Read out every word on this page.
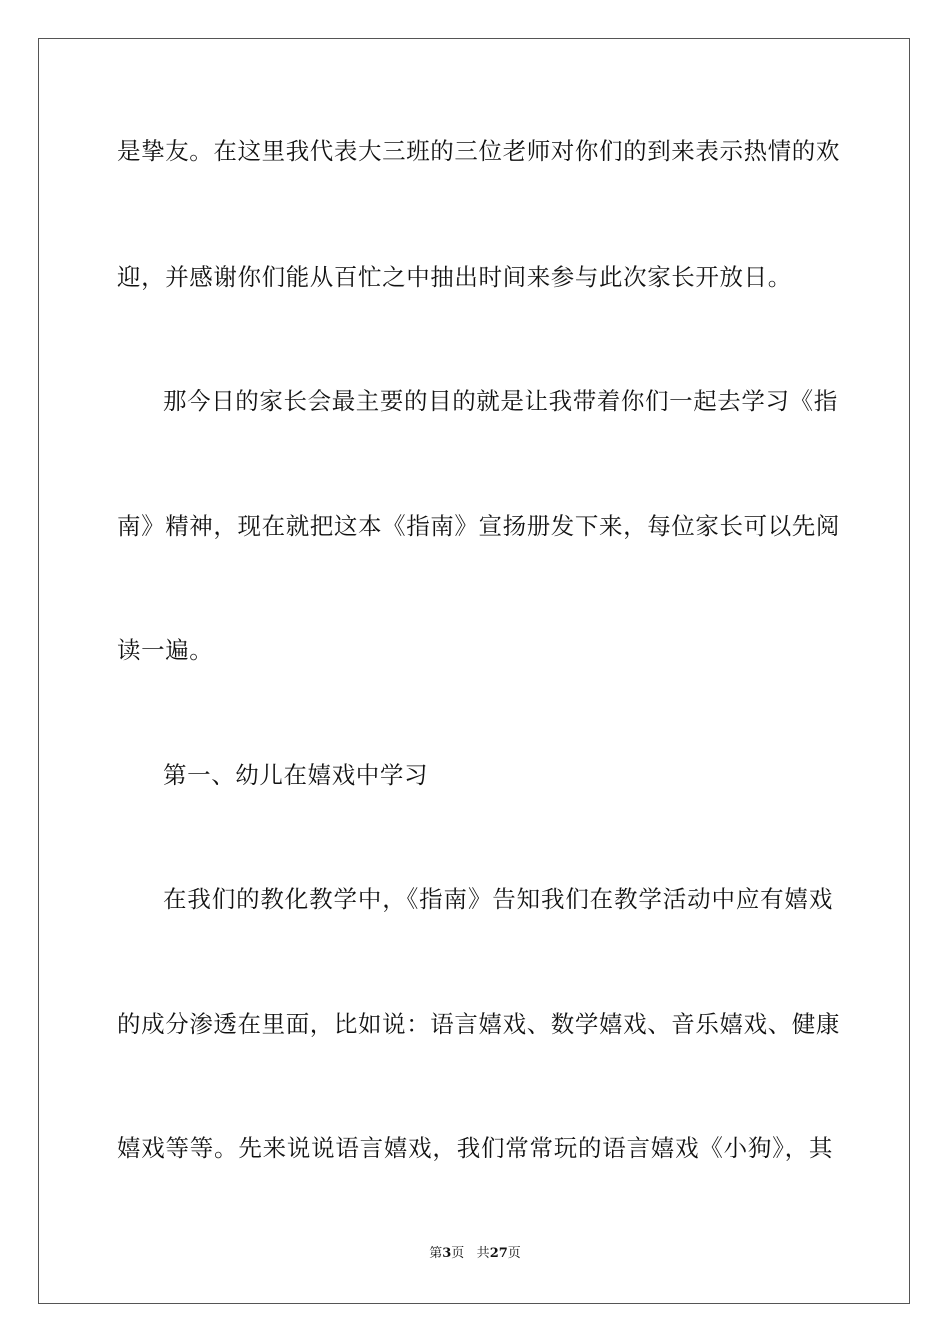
是挚友。在这里我代表大三班的三位老师对你们的到来表示热情的欢
迎，并感谢你们能从百忙之中抽出时间来参与此次家长开放日。
那今日的家长会最主要的目的就是让我带着你们一起去学习《指
南》精神，现在就把这本《指南》宣扬册发下来，每位家长可以先阅
读一遍。
第一、幼儿在嬉戏中学习
在我们的教化教学中，《指南》告知我们在教学活动中应有嬉戏
的成分渗透在里面，比如说：语言嬉戏、数学嬉戏、音乐嬉戏、健康
嬉戏等等。先来说说语言嬉戏，我们常常玩的语言嬉戏《小狗》，其
第3页 共27页
